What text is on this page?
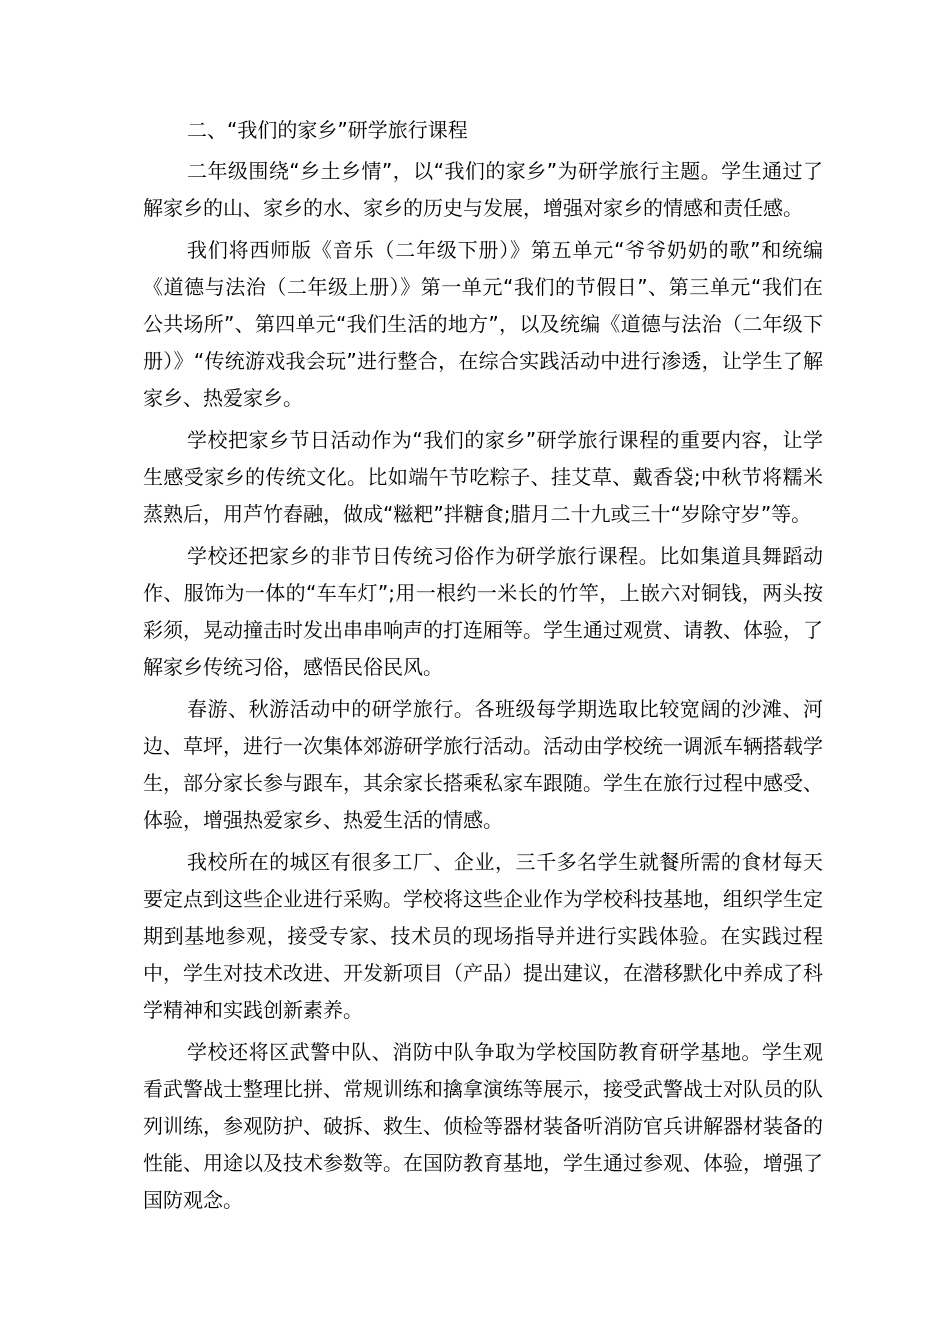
二、“我们的家乡”研学旅行课程

二年级围绕“乡土乡情”，以“我们的家乡”为研学旅行主题。学生通过了解家乡的山、家乡的水、家乡的历史与发展，增强对家乡的情感和责任感。

我们将西师版《音乐（二年级下册）》第五单元“爷爷奶奶的歌”和统编《道德与法治（二年级上册）》第一单元“我们的节假日”、第三单元“我们在公共场所”、第四单元“我们生活的地方”，以及统编《道德与法治（二年级下册）》“传统游戏我会玩”进行整合，在综合实践活动中进行渗透，让学生了解家乡、热爱家乡。

学校把家乡节日活动作为“我们的家乡”研学旅行课程的重要内容，让学生感受家乡的传统文化。比如端午节吃粽子、挂艾草、戴香袋;中秋节将糯米蒸熟后，用芦竹舂融，做成“糍粑”拌糖食;腊月二十九或三十“岁除守岁”等。

学校还把家乡的非节日传统习俗作为研学旅行课程。比如集道具舞蹈动作、服饰为一体的“车车灯”;用一根约一米长的竹竿，上嵌六对铜钱，两头按彩须，晃动撞击时发出串串响声的打连厢等。学生通过观赏、请教、体验，了解家乡传统习俗，感悟民俗民风。

春游、秋游活动中的研学旅行。各班级每学期选取比较宽阔的沙滩、河边、草坪，进行一次集体郊游研学旅行活动。活动由学校统一调派车辆搭载学生，部分家长参与跟车，其余家长搭乘私家车跟随。学生在旅行过程中感受、体验，增强热爱家乡、热爱生活的情感。

我校所在的城区有很多工厂、企业，三千多名学生就餐所需的食材每天要定点到这些企业进行采购。学校将这些企业作为学校科技基地，组织学生定期到基地参观，接受专家、技术员的现场指导并进行实践体验。在实践过程中，学生对技术改进、开发新项目（产品）提出建议，在潜移默化中养成了科学精神和实践创新素养。

学校还将区武警中队、消防中队争取为学校国防教育研学基地。学生观看武警战士整理比拼、常规训练和擒拿演练等展示，接受武警战士对队员的队列训练，参观防护、破拆、救生、侦检等器材装备听消防官兵讲解器材装备的性能、用途以及技术参数等。在国防教育基地，学生通过参观、体验，增强了国防观念。
